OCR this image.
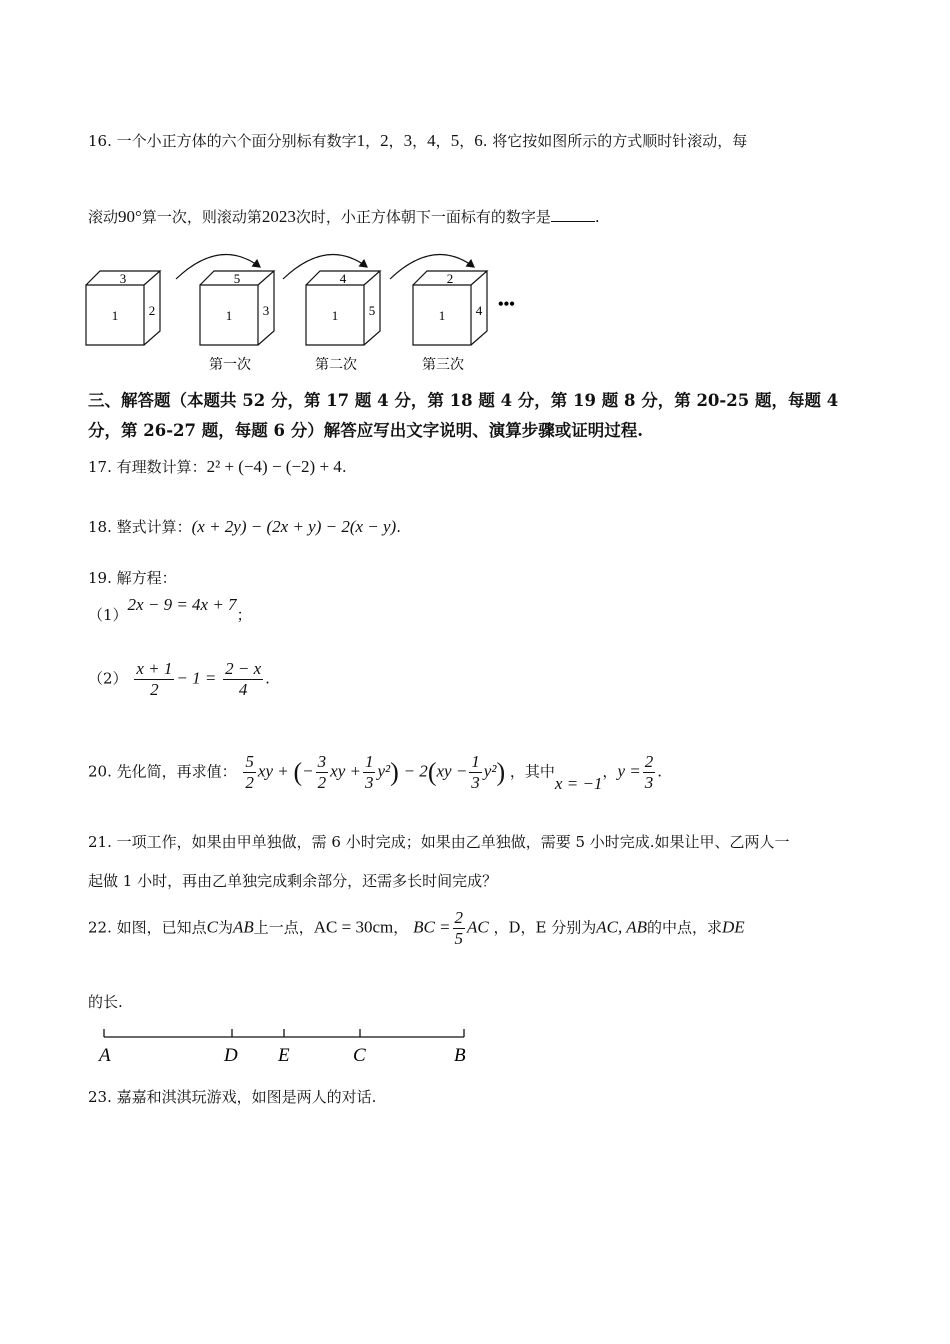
16. 一个小正方体的六个面分别标有数字1，2，3，4，5，6. 将它按如图所示的方式顺时针滚动，每
滚动90°算一次，则滚动第2023次时，小正方体朝下一面标有的数字是	.
3
1 2
5
1 3
第一次
4
1 5
第二次
2
1 4
第三次
•••
三、解答题（本题共 52 分，第 17 题 4 分，第 18 题 4 分，第 19 题 8 分，第 20-25 题，每题 4
分，第 26-27 题，每题 6 分）解答应写出文字说明、演算步骤或证明过程.
17. 有理数计算：2² + (−4) − (−2) + 4.
18. 整式计算：(x + 2y) − (2x + y) − 2(x − y).
19. 解方程：
（1）2x − 9 = 4x + 7；
$(2) \frac{x + 1}{2} - 1 = \frac{2 - x}{4}$ .
20. 先化简，再求值： $\frac{5}{2}$ xy + (− $\frac{3}{2}$ xy + $\frac{1}{3} y^2) - 2(xy - \frac{1}{3} y^2)$ ，其中x = −1，$y = \frac{2}{3}$ .
21. 一项工作，如果由甲单独做，需 6 小时完成；如果由乙单独做，需要 5 小时完成.如果让甲、乙两人一
起做 1 小时，再由乙单独完成剩余部分，还需多长时间完成？
22. 如图，已知点C为AB上一点，AC = 30cm， BC = $\frac{2}{5}$ AC ，D，E 分别为AC, AB的中点，求DE
的长.
A	D E	C	B
23. 嘉嘉和淇淇玩游戏，如图是两人的对话.
